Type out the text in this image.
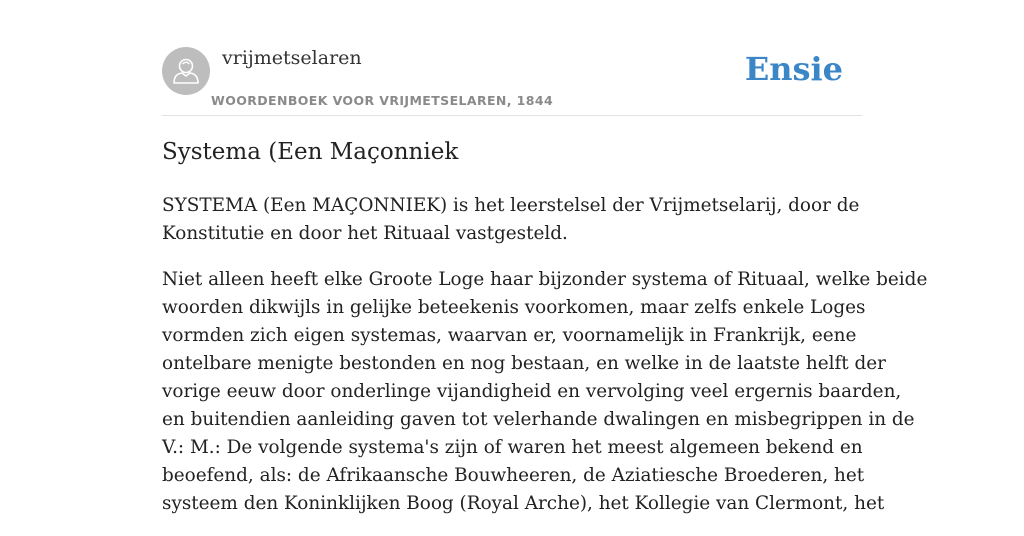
vrijmetselaren
WOORDENBOEK VOOR VRIJMETSELAREN, 1844
Ensie
Systema (Een Maçonniek

SYSTEMA (Een MAÇONNIEK) is het leerstelsel der Vrijmetselarij, door de
Konstitutie en door het Rituaal vastgesteld.

Niet alleen heeft elke Groote Loge haar bijzonder systema of Rituaal, welke beide
woorden dikwijls in gelijke beteekenis voorkomen, maar zelfs enkele Loges
vormden zich eigen systemas, waarvan er, voornamelijk in Frankrijk, eene
ontelbare menigte bestonden en nog bestaan, en welke in de laatste helft der
vorige eeuw door onderlinge vijandigheid en vervolging veel ergernis baarden,
en buitendien aanleiding gaven tot velerhande dwalingen en misbegrippen in de
V.: M.: De volgende systema's zijn of waren het meest algemeen bekend en
beoefend, als: de Afrikaansche Bouwheeren, de Aziatiesche Broederen, het
systeem den Koninklijken Boog (Royal Arche), het Kollegie van Clermont, het
